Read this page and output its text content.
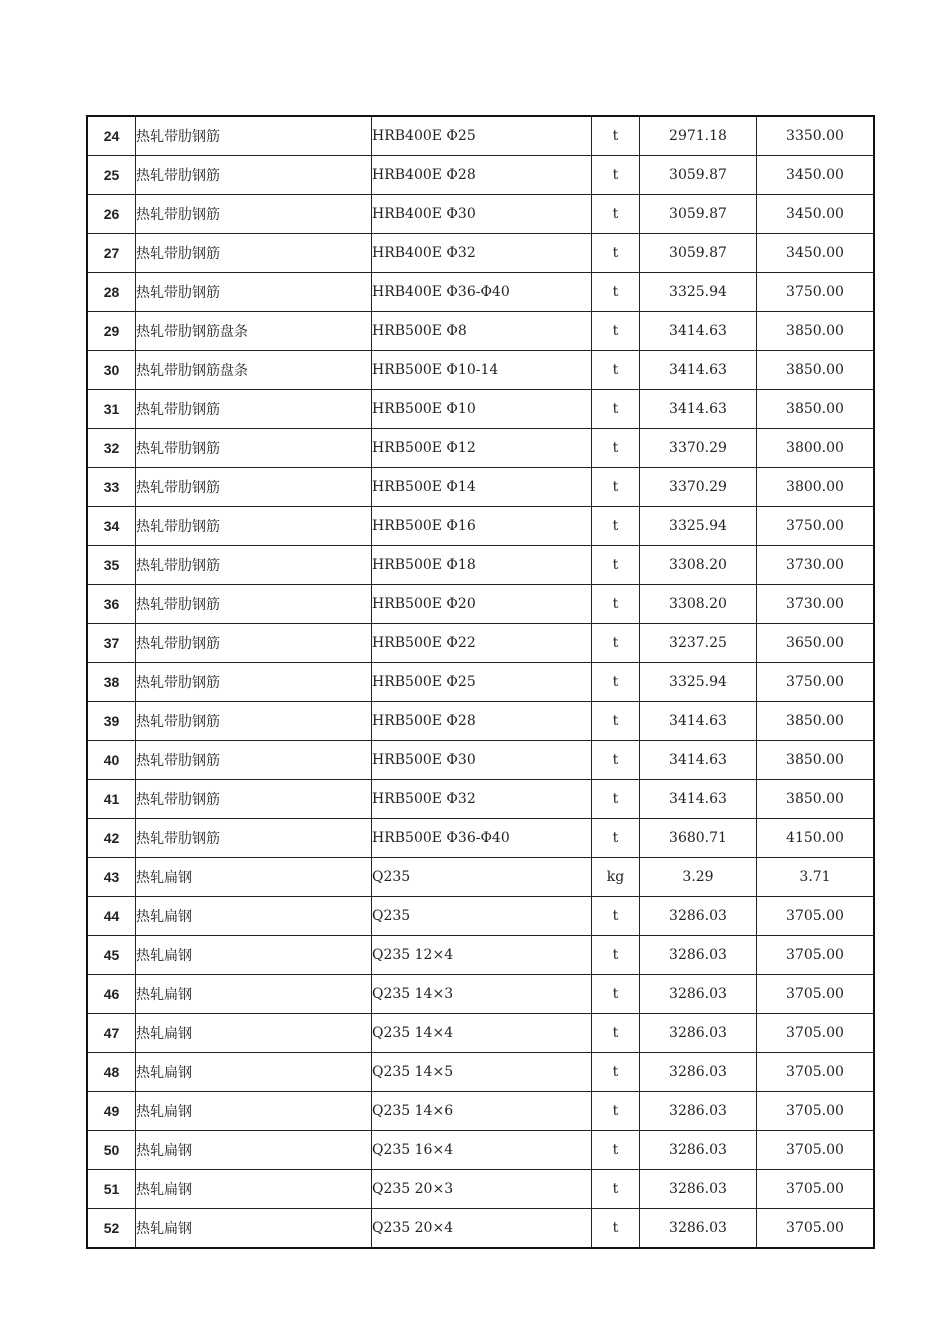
24	热轧带肋钢筋	HRB400E Φ25	t	2971.18	3350.00
25	热轧带肋钢筋	HRB400E Φ28	t	3059.87	3450.00
26	热轧带肋钢筋	HRB400E Φ30	t	3059.87	3450.00
27	热轧带肋钢筋	HRB400E Φ32	t	3059.87	3450.00
28	热轧带肋钢筋	HRB400E Φ36-Φ40	t	3325.94	3750.00
29	热轧带肋钢筋盘条	HRB500E Φ8	t	3414.63	3850.00
30	热轧带肋钢筋盘条	HRB500E Φ10-14	t	3414.63	3850.00
31	热轧带肋钢筋	HRB500E Φ10	t	3414.63	3850.00
32	热轧带肋钢筋	HRB500E Φ12	t	3370.29	3800.00
33	热轧带肋钢筋	HRB500E Φ14	t	3370.29	3800.00
34	热轧带肋钢筋	HRB500E Φ16	t	3325.94	3750.00
35	热轧带肋钢筋	HRB500E Φ18	t	3308.20	3730.00
36	热轧带肋钢筋	HRB500E Φ20	t	3308.20	3730.00
37	热轧带肋钢筋	HRB500E Φ22	t	3237.25	3650.00
38	热轧带肋钢筋	HRB500E Φ25	t	3325.94	3750.00
39	热轧带肋钢筋	HRB500E Φ28	t	3414.63	3850.00
40	热轧带肋钢筋	HRB500E Φ30	t	3414.63	3850.00
41	热轧带肋钢筋	HRB500E Φ32	t	3414.63	3850.00
42	热轧带肋钢筋	HRB500E Φ36-Φ40	t	3680.71	4150.00
43	热轧扁钢	Q235	kg	3.29	3.71
44	热轧扁钢	Q235	t	3286.03	3705.00
45	热轧扁钢	Q235 12×4	t	3286.03	3705.00
46	热轧扁钢	Q235 14×3	t	3286.03	3705.00
47	热轧扁钢	Q235 14×4	t	3286.03	3705.00
48	热轧扁钢	Q235 14×5	t	3286.03	3705.00
49	热轧扁钢	Q235 14×6	t	3286.03	3705.00
50	热轧扁钢	Q235 16×4	t	3286.03	3705.00
51	热轧扁钢	Q235 20×3	t	3286.03	3705.00
52	热轧扁钢	Q235 20×4	t	3286.03	3705.00
